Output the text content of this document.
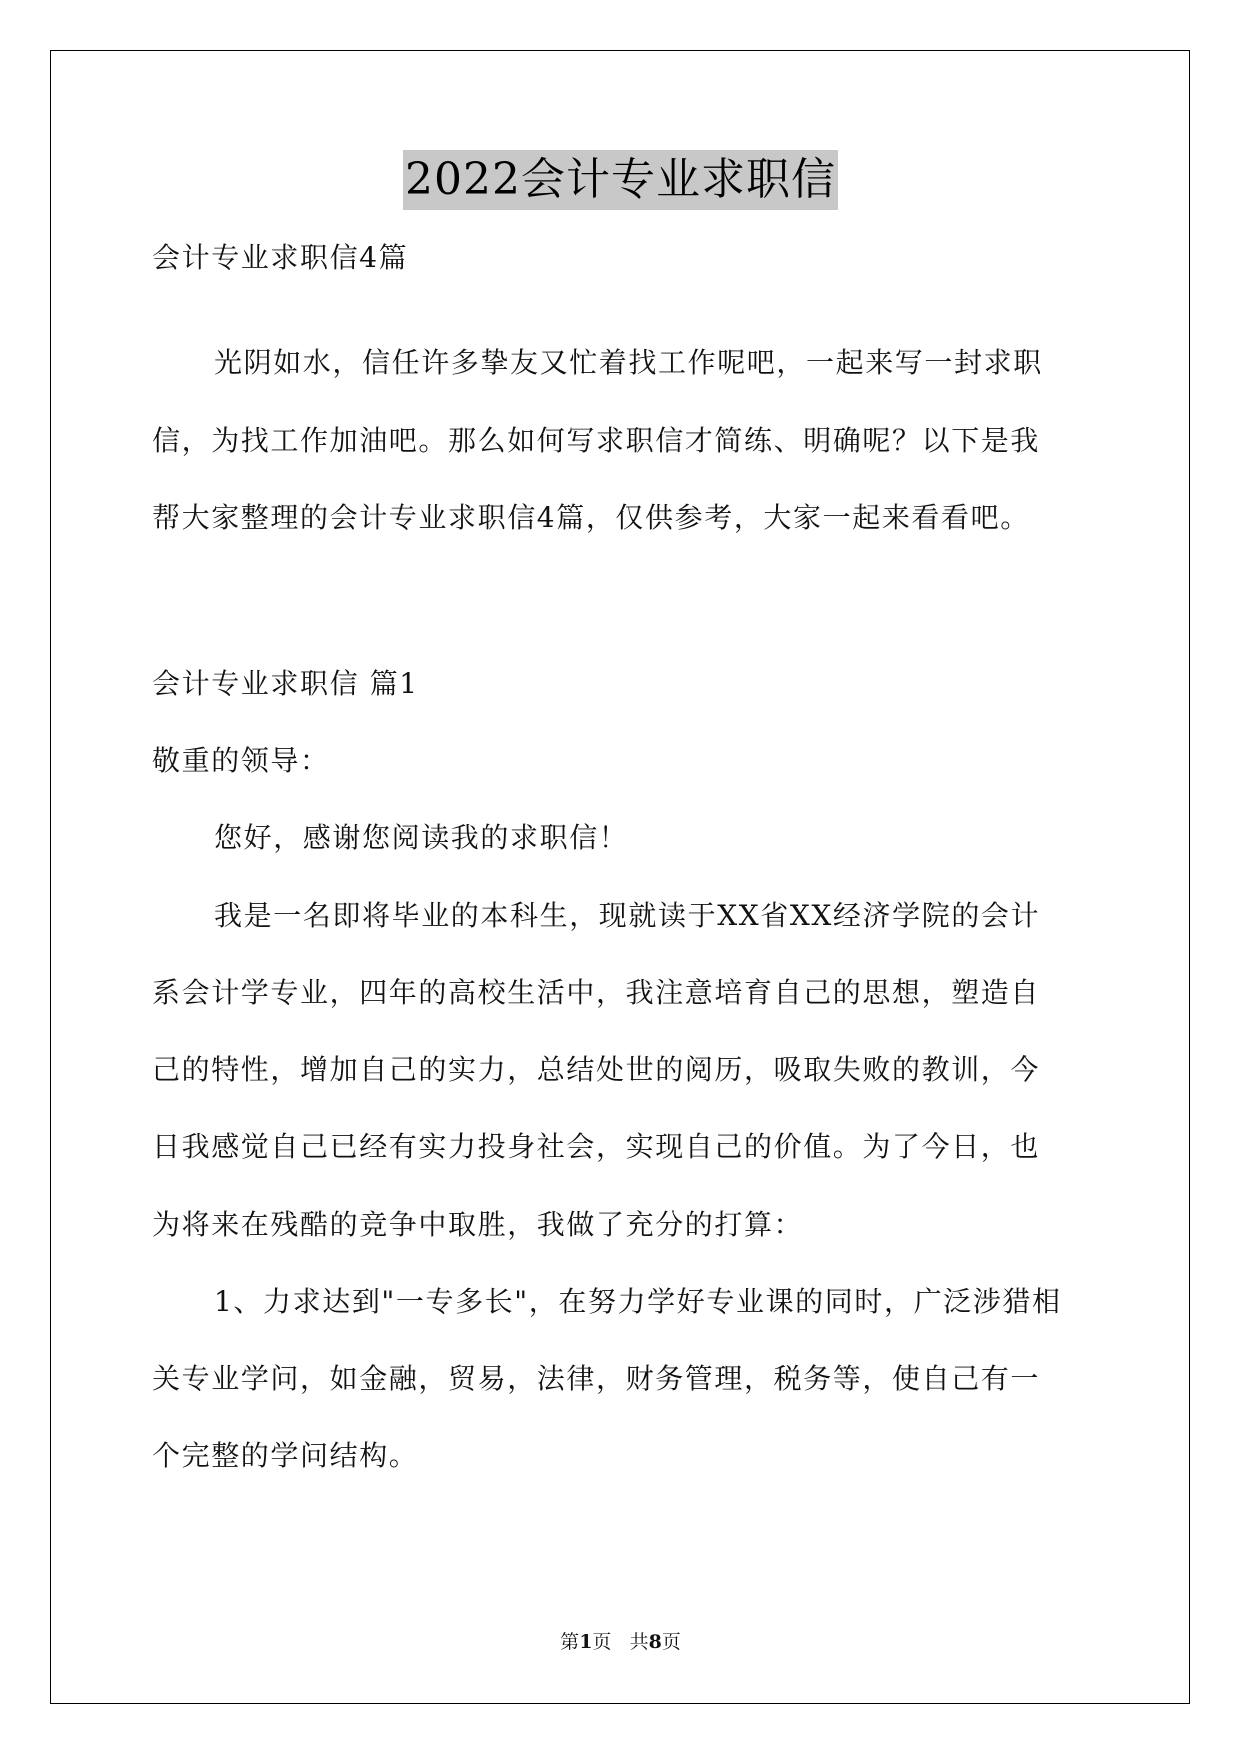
2022会计专业求职信
会计专业求职信4篇
光阴如水，信任许多挚友又忙着找工作呢吧，一起来写一封求职
信，为找工作加油吧。那么如何写求职信才简练、明确呢？以下是我
帮大家整理的会计专业求职信4篇，仅供参考，大家一起来看看吧。
会计专业求职信 篇1
敬重的领导：
您好，感谢您阅读我的求职信！
我是一名即将毕业的本科生，现就读于XX省XX经济学院的会计
系会计学专业，四年的高校生活中，我注意培育自己的思想，塑造自
己的特性，增加自己的实力，总结处世的阅历，吸取失败的教训，今
日我感觉自己已经有实力投身社会，实现自己的价值。为了今日，也
为将来在残酷的竞争中取胜，我做了充分的打算：
1、力求达到"一专多长"，在努力学好专业课的同时，广泛涉猎相
关专业学问，如金融，贸易，法律，财务管理，税务等，使自己有一
个完整的学问结构。
第1页 共8页
